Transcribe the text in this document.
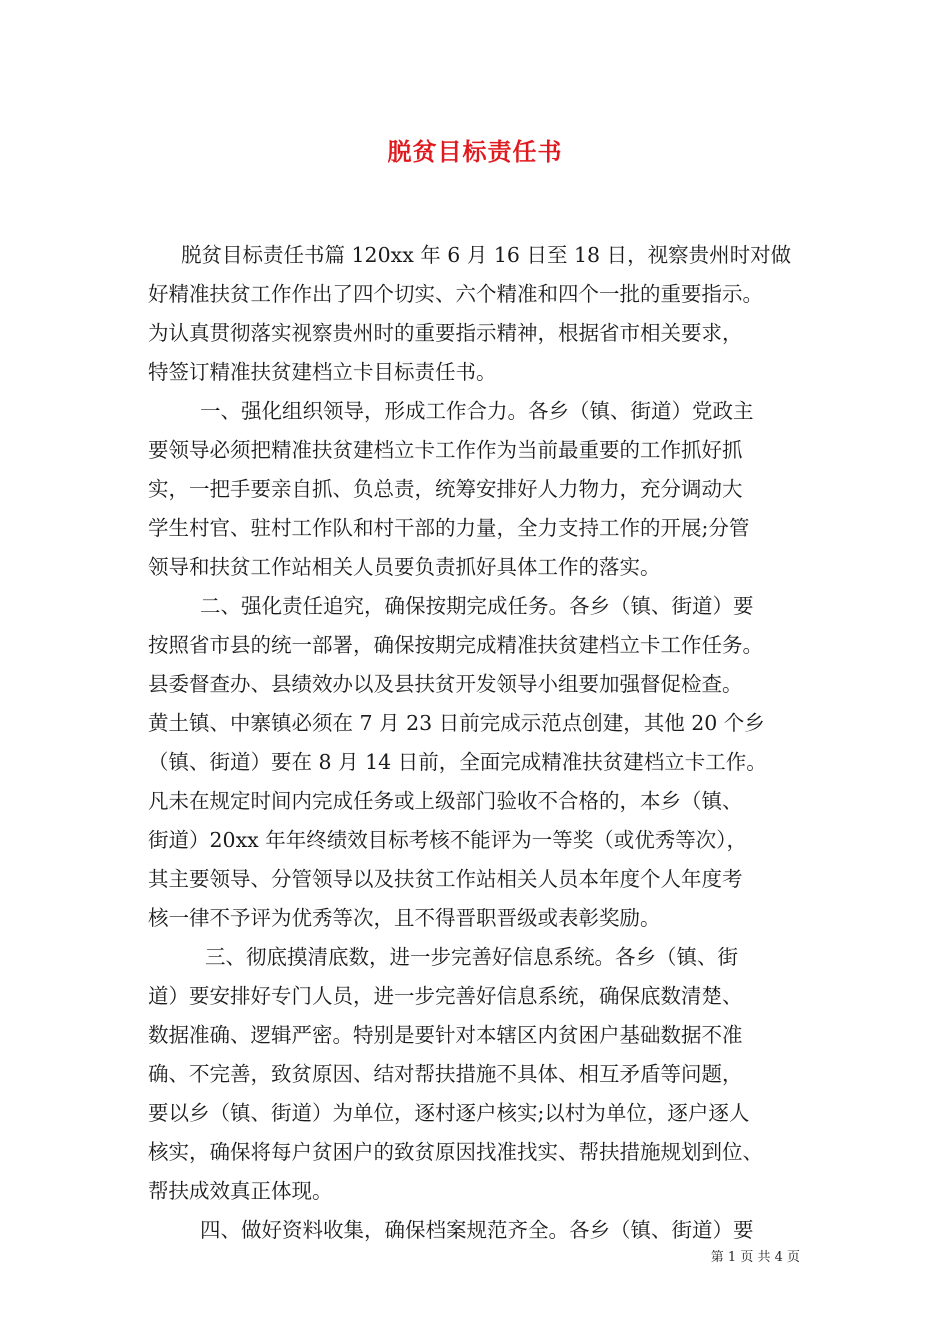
脱贫目标责任书
脱贫目标责任书篇 120xx 年 6 月 16 日至 18 日，视察贵州时对做
好精准扶贫工作作出了四个切实、六个精准和四个一批的重要指示。
为认真贯彻落实视察贵州时的重要指示精神，根据省市相关要求，
特签订精准扶贫建档立卡目标责任书。
一、强化组织领导，形成工作合力。各乡（镇、街道）党政主
要领导必须把精准扶贫建档立卡工作作为当前最重要的工作抓好抓
实，一把手要亲自抓、负总责，统筹安排好人力物力，充分调动大
学生村官、驻村工作队和村干部的力量，全力支持工作的开展;分管
领导和扶贫工作站相关人员要负责抓好具体工作的落实。
二、强化责任追究，确保按期完成任务。各乡（镇、街道）要
按照省市县的统一部署，确保按期完成精准扶贫建档立卡工作任务。
县委督查办、县绩效办以及县扶贫开发领导小组要加强督促检查。
黄土镇、中寨镇必须在 7 月 23 日前完成示范点创建，其他 20 个乡
（镇、街道）要在 8 月 14 日前，全面完成精准扶贫建档立卡工作。
凡未在规定时间内完成任务或上级部门验收不合格的，本乡（镇、
街道）20xx 年年终绩效目标考核不能评为一等奖（或优秀等次），
其主要领导、分管领导以及扶贫工作站相关人员本年度个人年度考
核一律不予评为优秀等次，且不得晋职晋级或表彰奖励。
三、彻底摸清底数，进一步完善好信息系统。各乡（镇、街
道）要安排好专门人员，进一步完善好信息系统，确保底数清楚、
数据准确、逻辑严密。特别是要针对本辖区内贫困户基础数据不准
确、不完善，致贫原因、结对帮扶措施不具体、相互矛盾等问题，
要以乡（镇、街道）为单位，逐村逐户核实;以村为单位，逐户逐人
核实，确保将每户贫困户的致贫原因找准找实、帮扶措施规划到位、
帮扶成效真正体现。
四、做好资料收集，确保档案规范齐全。各乡（镇、街道）要
第 1 页 共 4 页
